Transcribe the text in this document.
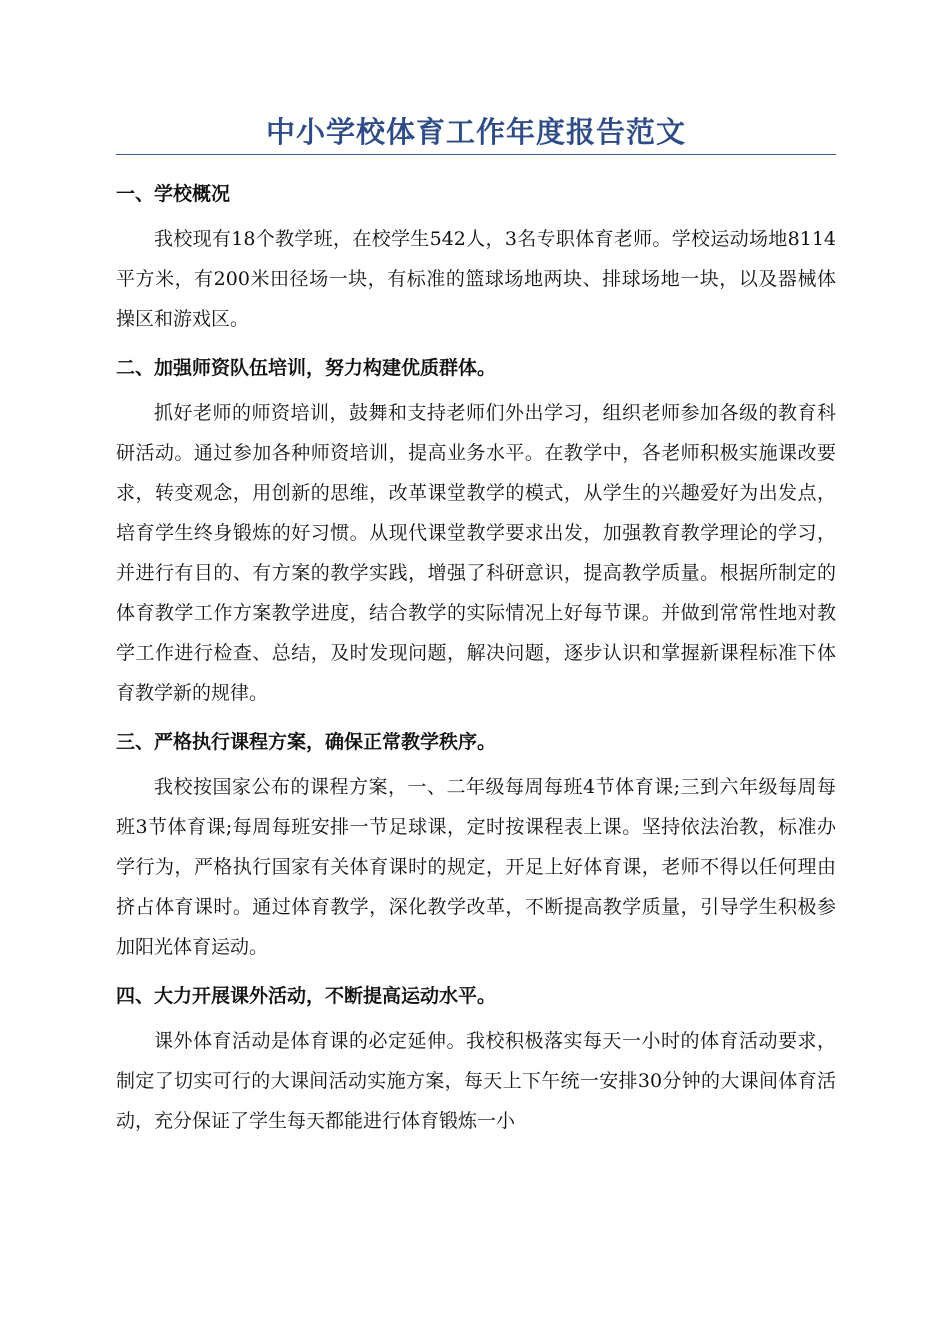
中小学校体育工作年度报告范文
一、学校概况

我校现有18个教学班，在校学生542人，3名专职体育老师。学校运动场地8114平方米，有200米田径场一块，有标准的篮球场地两块、排球场地一块，以及器械体操区和游戏区。

二、加强师资队伍培训，努力构建优质群体。

抓好老师的师资培训，鼓舞和支持老师们外出学习，组织老师参加各级的教育科研活动。通过参加各种师资培训，提高业务水平。在教学中，各老师积极实施课改要求，转变观念，用创新的思维，改革课堂教学的模式，从学生的兴趣爱好为出发点，培育学生终身锻炼的好习惯。从现代课堂教学要求出发，加强教育教学理论的学习，并进行有目的、有方案的教学实践，增强了科研意识，提高教学质量。根据所制定的体育教学工作方案教学进度，结合教学的实际情况上好每节课。并做到常常性地对教学工作进行检查、总结，及时发现问题，解决问题，逐步认识和掌握新课程标准下体育教学新的规律。

三、严格执行课程方案，确保正常教学秩序。

我校按国家公布的课程方案，一、二年级每周每班4节体育课;三到六年级每周每班3节体育课;每周每班安排一节足球课，定时按课程表上课。坚持依法治教，标准办学行为，严格执行国家有关体育课时的规定，开足上好体育课，老师不得以任何理由挤占体育课时。通过体育教学，深化教学改革，不断提高教学质量，引导学生积极参加阳光体育运动。

四、大力开展课外活动，不断提高运动水平。

课外体育活动是体育课的必定延伸。我校积极落实每天一小时的体育活动要求，制定了切实可行的大课间活动实施方案，每天上下午统一安排30分钟的大课间体育活动，充分保证了学生每天都能进行体育锻炼一小
